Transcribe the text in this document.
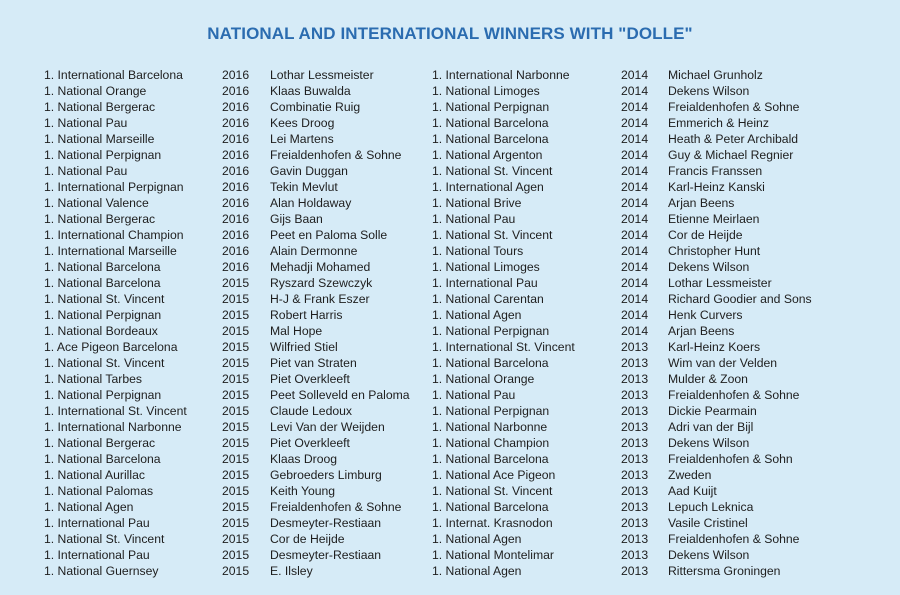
NATIONAL AND INTERNATIONAL WINNERS WITH "DOLLE"
1. International Barcelona	2016 Lothar Lessmeister	1. International Narbonne	2014 Michael Grunholz
1. National Orange	2016 Klaas Buwalda	1. National Limoges	2014 Dekens Wilson
1. National Bergerac	2016 Combinatie Ruig	1. National Perpignan	2014 Freialdenhofen & Sohne
1. National Pau	2016 Kees Droog	1. National Barcelona	2014 Emmerich & Heinz
1. National Marseille	2016 Lei Martens	1. National Barcelona	2014 Heath & Peter Archibald
1. National Perpignan	2016 Freialdenhofen & Sohne	1. National Argenton	2014 Guy & Michael Regnier
1. National Pau	2016 Gavin Duggan	1. National St. Vincent	2014 Francis Franssen
1. International Perpignan	2016 Tekin Mevlut	1. International Agen	2014 Karl-Heinz Kanski
1. National Valence	2016 Alan Holdaway	1. National Brive	2014 Arjan Beens
1. National Bergerac	2016 Gijs Baan	1. National Pau	2014 Etienne Meirlaen
1. International Champion	2016 Peet en Paloma Solle	1. National St. Vincent	2014 Cor de Heijde
1. International Marseille	2016 Alain Dermonne	1. National Tours	2014 Christopher Hunt
1. National Barcelona	2016 Mehadji Mohamed	1. National Limoges	2014 Dekens Wilson
1. National Barcelona	2015 Ryszard Szewczyk	1. International Pau	2014 Lothar Lessmeister
1. National St. Vincent	2015 H-J & Frank Eszer	1. National Carentan	2014 Richard Goodier and Sons
1. National Perpignan	2015 Robert Harris	1. National Agen	2014 Henk Curvers
1. National Bordeaux	2015 Mal Hope	1. National Perpignan	2014 Arjan Beens
1. Ace Pigeon Barcelona	2015 Wilfried Stiel	1. International St. Vincent	2013 Karl-Heinz Koers
1. National St. Vincent	2015 Piet van Straten	1. National Barcelona	2013 Wim van der Velden
1. National Tarbes	2015 Piet Overkleeft	1. National Orange	2013 Mulder & Zoon
1. National Perpignan	2015 Peet Solleveld en Paloma 1. National Pau	2013 Freialdenhofen & Sohne
1. International St. Vincent	2015 Claude Ledoux	1. National Perpignan	2013 Dickie Pearmain
1. International Narbonne	2015 Levi Van der Weijden	1. National Narbonne	2013 Adri van der Bijl
1. National Bergerac	2015 Piet Overkleeft	1. National Champion	2013 Dekens Wilson
1. National Barcelona	2015 Klaas Droog	1. National Barcelona	2013 Freialdenhofen & Sohn
1. National Aurillac	2015 Gebroeders Limburg	1. National Ace Pigeon	2013 Zweden
1. National Palomas	2015 Keith Young	1. National St. Vincent	2013 Aad Kuijt
1. National Agen	2015 Freialdenhofen & Sohne	1. National Barcelona	2013 Lepuch Leknica
1. International Pau	2015 Desmeyter-Restiaan	1. Internat. Krasnodon	2013 Vasile Cristinel
1. National St. Vincent	2015 Cor de Heijde	1. National Agen	2013 Freialdenhofen & Sohne
1. International Pau	2015 Desmeyter-Restiaan	1. National Montelimar	2013 Dekens Wilson
1. National Guernsey	2015 E. Ilsley	1. National Agen	2013 Rittersma Groningen
